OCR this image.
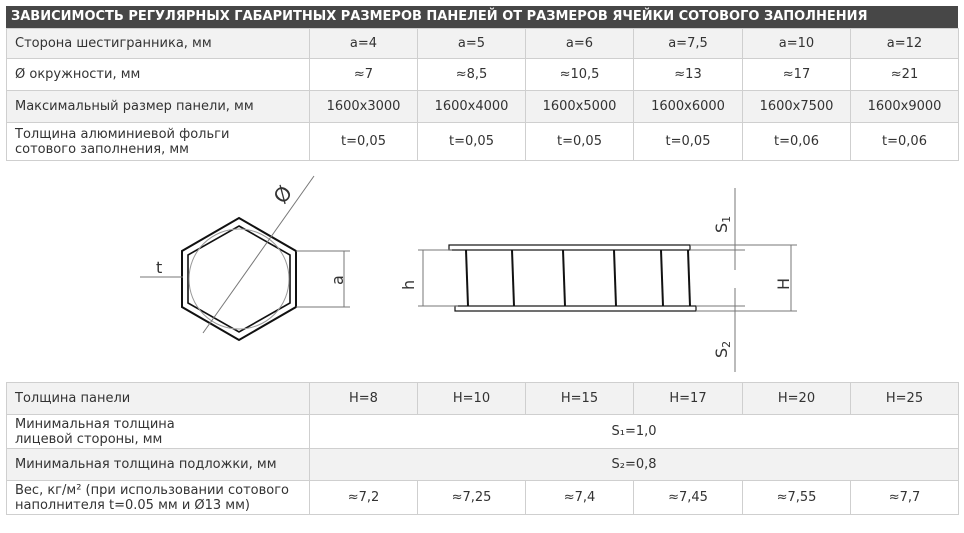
ЗАВИСИМОСТЬ РЕГУЛЯРНЫХ ГАБАРИТНЫХ РАЗМЕРОВ ПАНЕЛЕЙ ОТ РАЗМЕРОВ ЯЧЕЙКИ СОТОВОГО ЗАПОЛНЕНИЯ
Сторона шестигранника, мм	a=4	a=5	a=6	a=7,5	a=10	a=12
Ø окружности, мм	≈7	≈8,5	≈10,5	≈13	≈17	≈21
Максимальный размер панели, мм	1600x3000	1600x4000	1600x5000	1600x6000	1600x7500	1600x9000

Толщина алюминиевой фольги
сотового заполнения, мм	t=0,05	t=0,05	t=0,05	t=0,05	t=0,06	t=0,06
t
a
Ø
h	H
S1
S2
Толщина панели	H=8	H=10	H=15	H=17	H=20	H=25

Минимальная толщина
лицевой стороны, мм	S₁=1,0					
Минимальная толщина подложки, мм	S₂=0,8					

Вес, кг/м² (при использовании сотового
наполнителя t=0.05 мм и Ø13 мм)	≈7,2	≈7,25	≈7,4	≈7,45	≈7,55	≈7,7
